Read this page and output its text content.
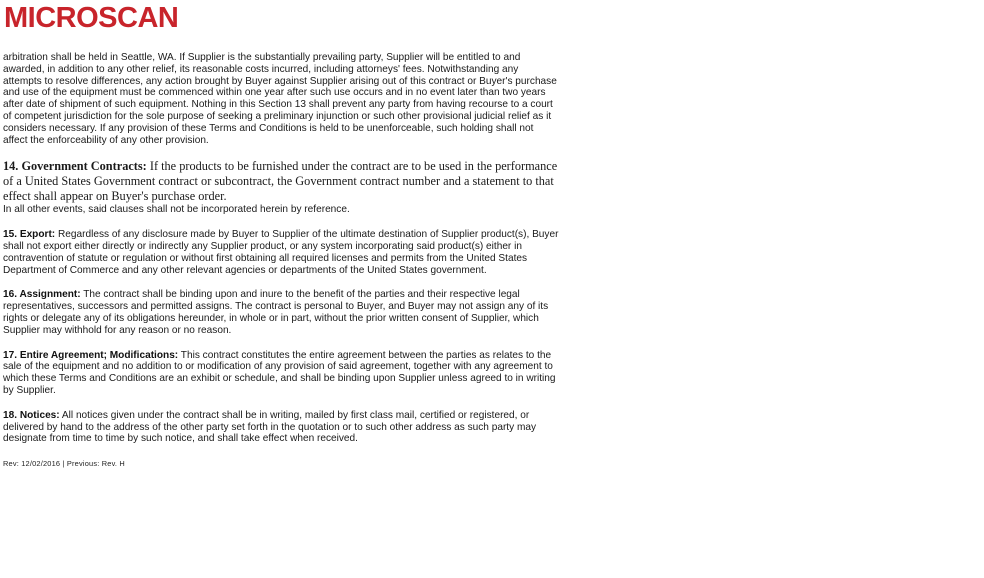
MICROSCAN

arbitration shall be held in Seattle, WA. If Supplier is the substantially prevailing party, Supplier will be entitled to and awarded, in addition to any other relief, its reasonable costs incurred, including attorneys' fees. Notwithstanding any attempts to resolve differences, any action brought by Buyer against Supplier arising out of this contract or Buyer's purchase and use of the equipment must be commenced within one year after such use occurs and in no event later than two years after date of shipment of such equipment. Nothing in this Section 13 shall prevent any party from having recourse to a court of competent jurisdiction for the sole purpose of seeking a preliminary injunction or such other provisional judicial relief as it considers necessary. If any provision of these Terms and Conditions is held to be unenforceable, such holding shall not affect the enforceability of any other provision.

14. Government Contracts: If the products to be furnished under the contract are to be used in the performance of a United States Government contract or subcontract, the Government contract number and a statement to that effect shall appear on Buyer's purchase order.

In all other events, said clauses shall not be incorporated herein by reference.

15. Export: Regardless of any disclosure made by Buyer to Supplier of the ultimate destination of Supplier product(s), Buyer shall not export either directly or indirectly any Supplier product, or any system incorporating said product(s) either in contravention of statute or regulation or without first obtaining all required licenses and permits from the United States Department of Commerce and any other relevant agencies or departments of the United States government.

16. Assignment: The contract shall be binding upon and inure to the benefit of the parties and their respective legal representatives, successors and permitted assigns. The contract is personal to Buyer, and Buyer may not assign any of its rights or delegate any of its obligations hereunder, in whole or in part, without the prior written consent of Supplier, which Supplier may withhold for any reason or no reason.

17. Entire Agreement; Modifications: This contract constitutes the entire agreement between the parties as relates to the sale of the equipment and no addition to or modification of any provision of said agreement, together with any agreement to which these Terms and Conditions are an exhibit or schedule, and shall be binding upon Supplier unless agreed to in writing by Supplier.

18. Notices: All notices given under the contract shall be in writing, mailed by first class mail, certified or registered, or delivered by hand to the address of the other party set forth in the quotation or to such other address as such party may designate from time to time by such notice, and shall take effect when received.

Rev: 12/02/2016 | Previous: Rev. H
